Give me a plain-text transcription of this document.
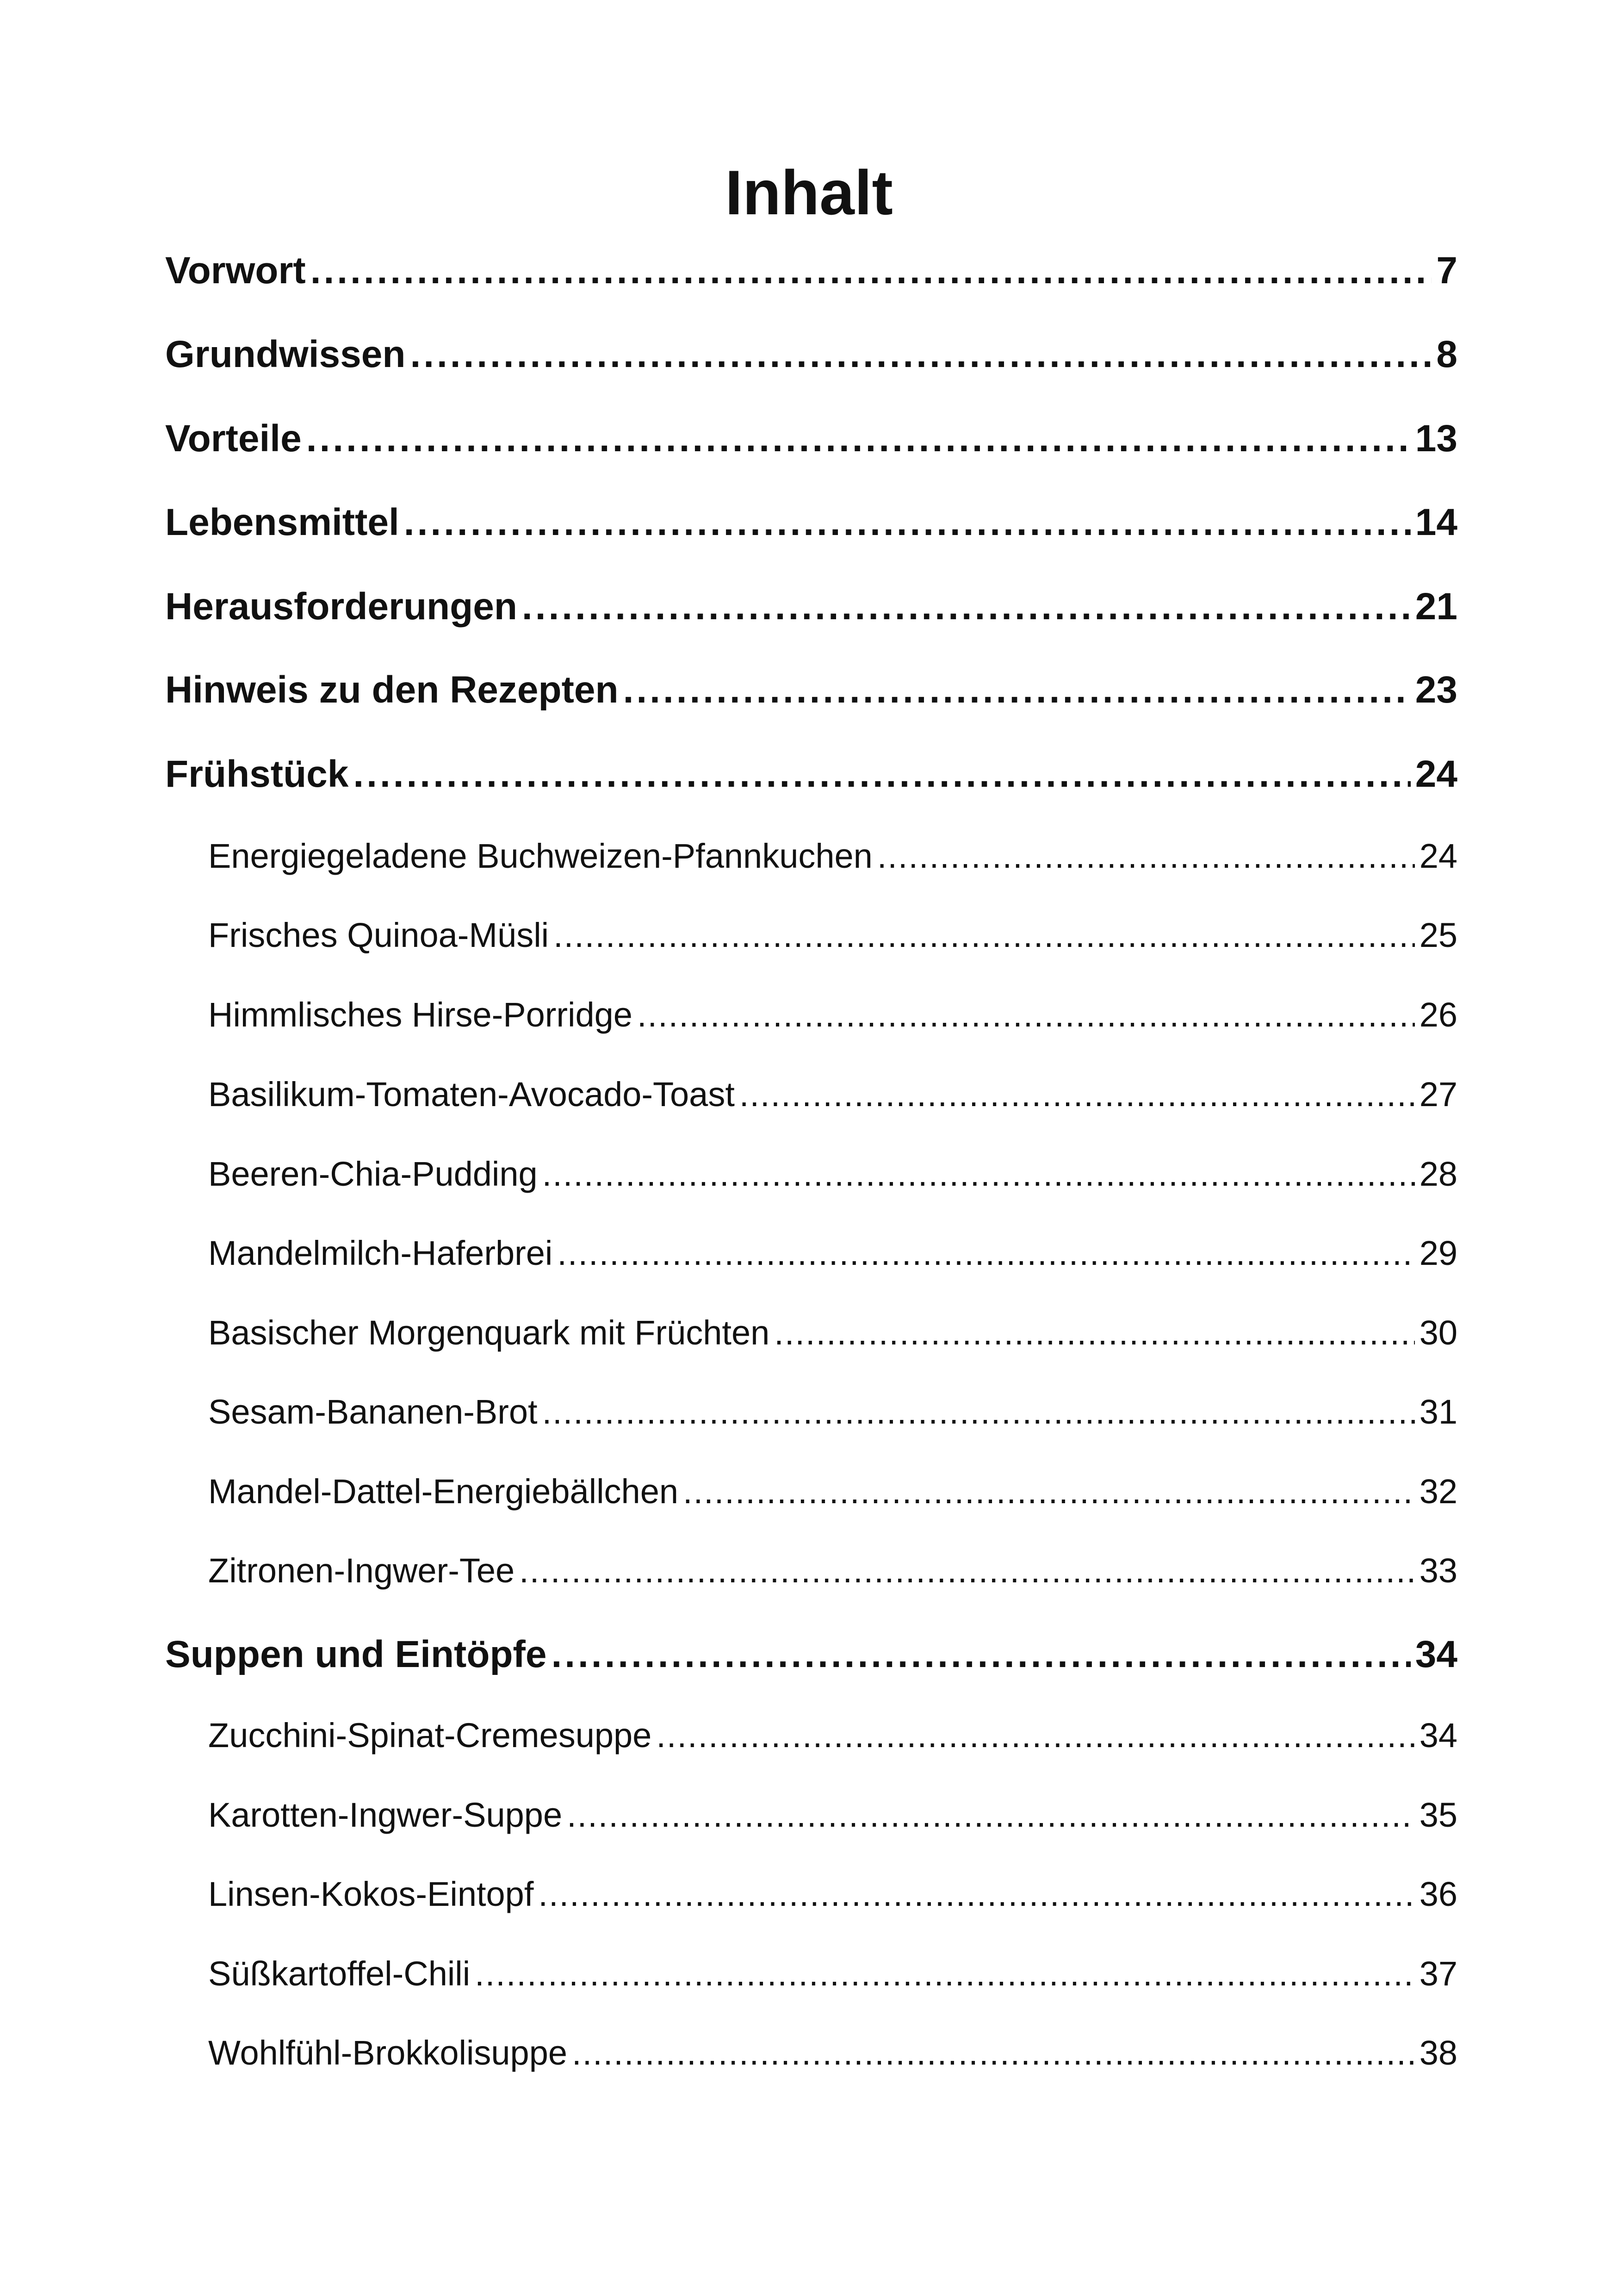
Inhalt
Vorwort .....	7
Grundwissen .....	8
Vorteile .....	13
Lebensmittel .....	14
Herausforderungen .....	21
Hinweis zu den Rezepten .....	23
Frühstück .....	24
Energiegeladene Buchweizen-Pfannkuchen .....	24
Frisches Quinoa-Müsli .....	25
Himmlisches Hirse-Porridge .....	26
Basilikum-Tomaten-Avocado-Toast .....	27
Beeren-Chia-Pudding .....	28
Mandelmilch-Haferbrei .....	29
Basischer Morgenquark mit Früchten .....	30
Sesam-Bananen-Brot .....	31
Mandel-Dattel-Energiebällchen .....	32
Zitronen-Ingwer-Tee .....	33
Suppen und Eintöpfe .....	34
Zucchini-Spinat-Cremesuppe .....	34
Karotten-Ingwer-Suppe .....	35
Linsen-Kokos-Eintopf .....	36
Süßkartoffel-Chili .....	37
Wohlfühl-Brokkolisuppe .....	38
